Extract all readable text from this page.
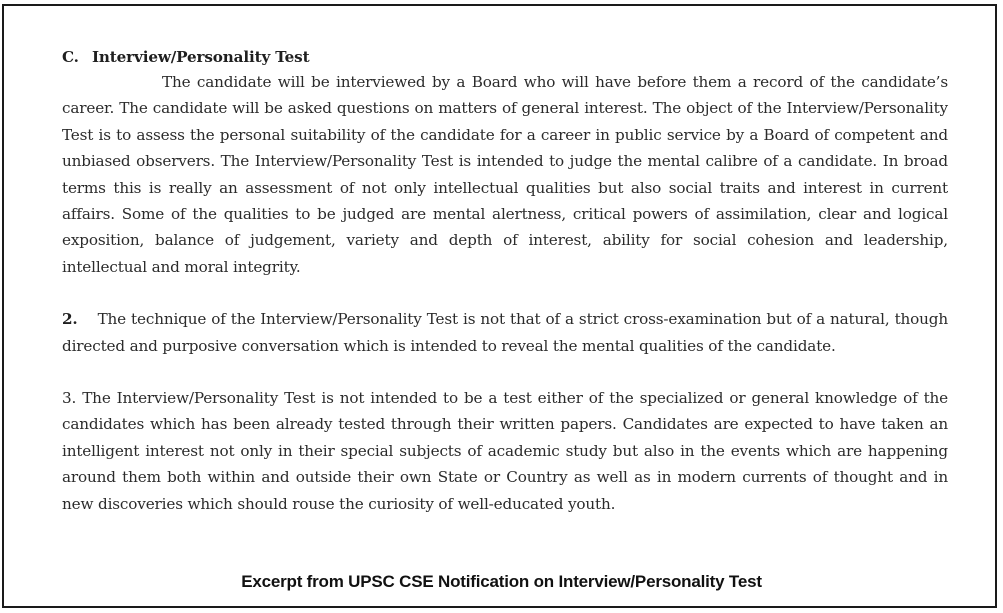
C. Interview/Personality Test

The candidate will be interviewed by a Board who will have before them a record of the candidate’s career. The candidate will be asked questions on matters of general interest. The object of the Interview/Personality Test is to assess the personal suitability of the candidate for a career in public service by a Board of competent and unbiased observers. The Interview/Personality Test is intended to judge the mental calibre of a candidate. In broad terms this is really an assessment of not only intellectual qualities but also social traits and interest in current affairs. Some of the qualities to be judged are mental alertness, critical powers of assimilation, clear and logical exposition, balance of judgement, variety and depth of interest, ability for social cohesion and leadership, intellectual and moral integrity.

2. The technique of the Interview/Personality Test is not that of a strict cross-examination but of a natural, though directed and purposive conversation which is intended to reveal the mental qualities of the candidate.

3. The Interview/Personality Test is not intended to be a test either of the specialized or general knowledge of the candidates which has been already tested through their written papers. Candidates are expected to have taken an intelligent interest not only in their special subjects of academic study but also in the events which are happening around them both within and outside their own State or Country as well as in modern currents of thought and in new discoveries which should rouse the curiosity of well-educated youth.

Excerpt from UPSC CSE Notification on Interview/Personality Test
